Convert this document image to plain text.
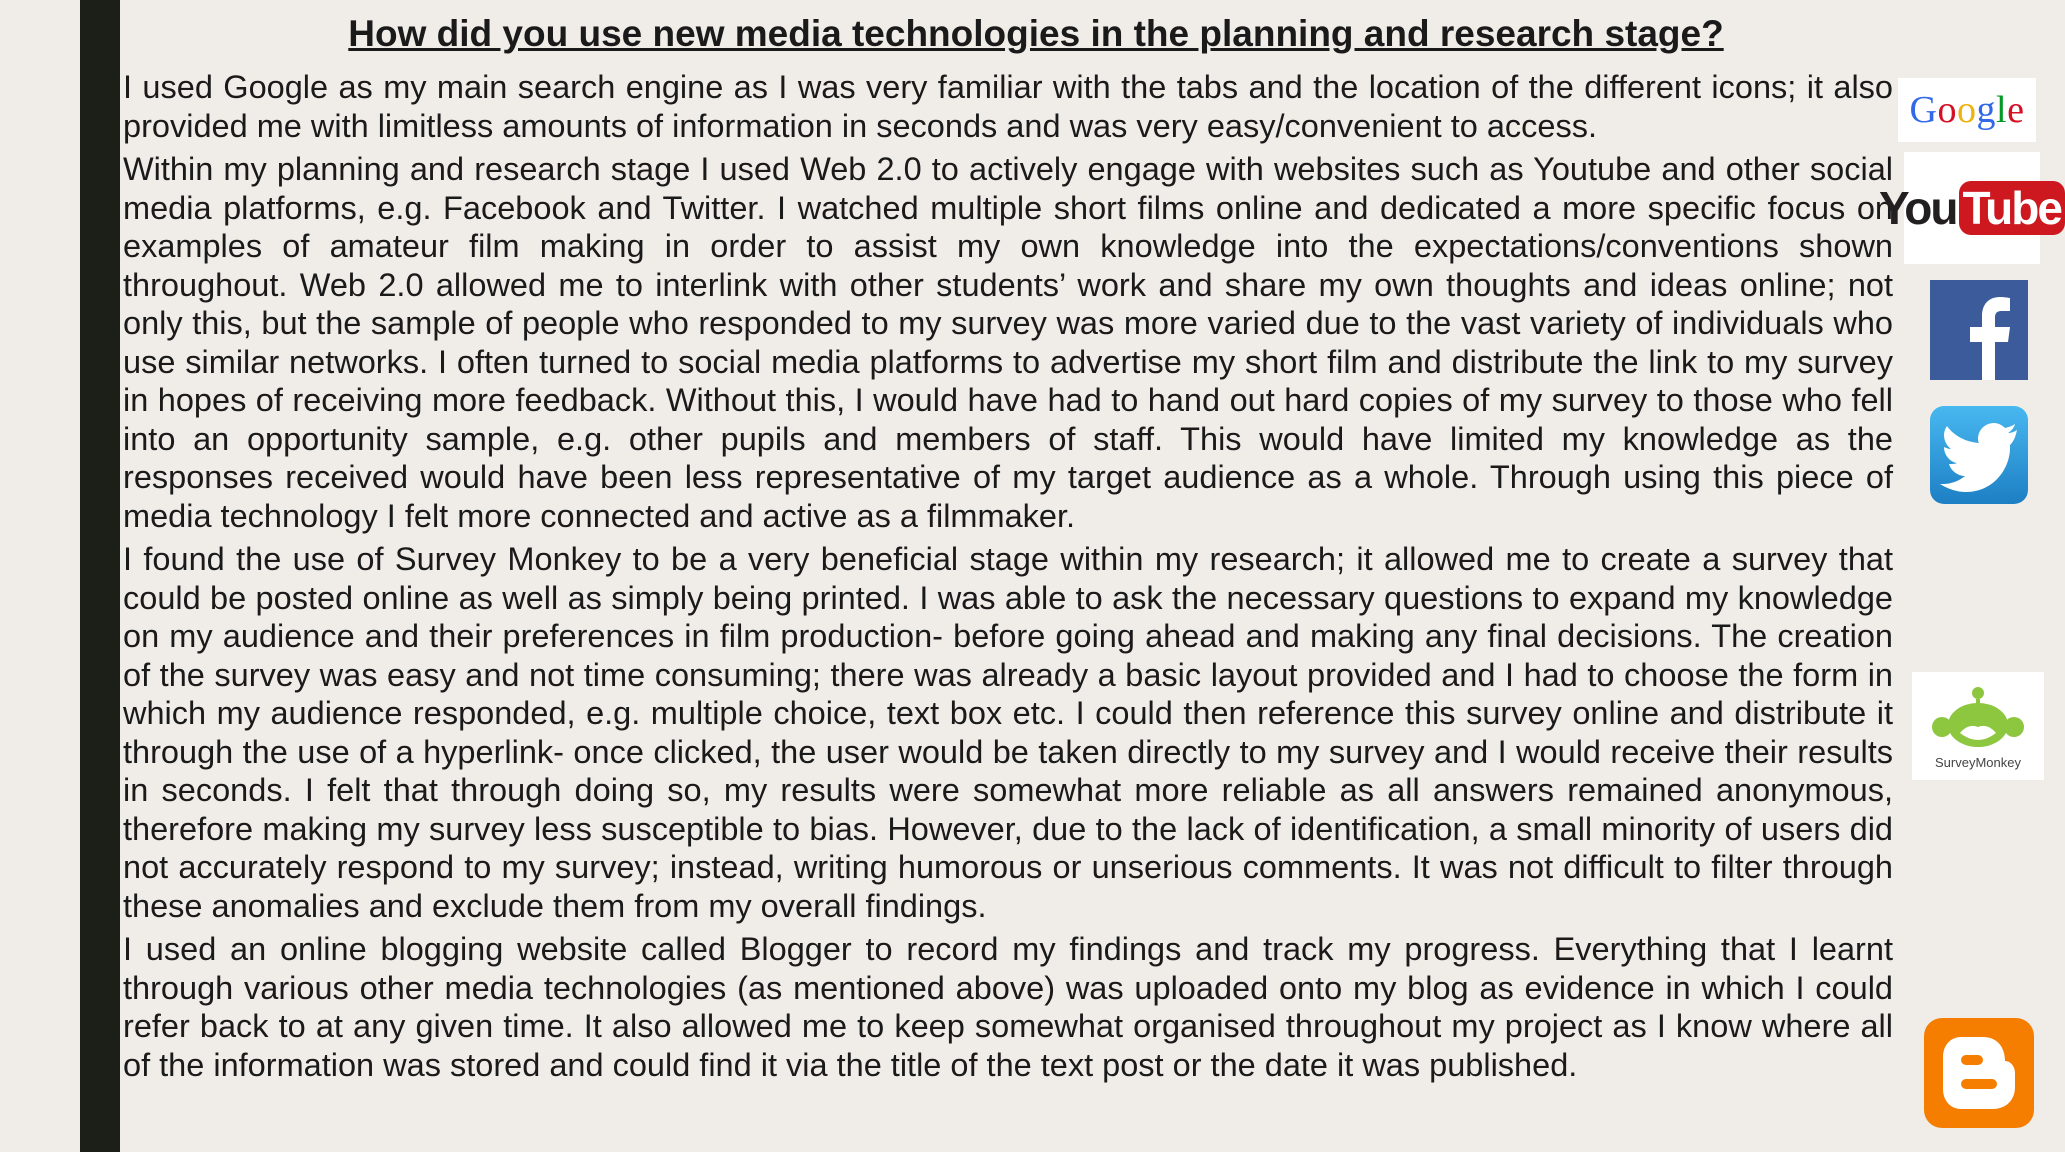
How did you use new media technologies in the planning and research stage?

I used Google as my main search engine as I was very familiar with the tabs and the location of the different icons; it also provided me with limitless amounts of information in seconds and was very easy/convenient to access.

Within my planning and research stage I used Web 2.0 to actively engage with websites such as Youtube and other social media platforms, e.g. Facebook and Twitter. I watched multiple short films online and dedicated a more specific focus on examples of amateur film making in order to assist my own knowledge into the expectations/conventions shown throughout. Web 2.0 allowed me to interlink with other students’ work and share my own thoughts and ideas online; not only this, but the sample of people who responded to my survey was more varied due to the vast variety of individuals who use similar networks. I often turned to social media platforms to advertise my short film and distribute the link to my survey in hopes of receiving more feedback. Without this, I would have had to hand out hard copies of my survey to those who fell into an opportunity sample, e.g. other pupils and members of staff. This would have limited my knowledge as the responses received would have been less representative of my target audience as a whole. Through using this piece of media technology I felt more connected and active as a filmmaker.

I found the use of Survey Monkey to be a very beneficial stage within my research; it allowed me to create a survey that could be posted online as well as simply being printed. I was able to ask the necessary questions to expand my knowledge on my audience and their preferences in film production- before going ahead and making any final decisions. The creation of the survey was easy and not time consuming; there was already a basic layout provided and I had to choose the form in which my audience responded, e.g. multiple choice, text box etc. I could then reference this survey online and distribute it through the use of a hyperlink- once clicked, the user would be taken directly to my survey and I would receive their results in seconds. I felt that through doing so, my results were somewhat more reliable as all answers remained anonymous, therefore making my survey less susceptible to bias. However, due to the lack of identification, a small minority of users did not accurately respond to my survey; instead, writing humorous or unserious comments. It was not difficult to filter through these anomalies and exclude them from my overall findings.

I used an online blogging website called Blogger to record my findings and track my progress. Everything that I learnt through various other media technologies (as mentioned above) was uploaded onto my blog as evidence in which I could refer back to at any given time. It also allowed me to keep somewhat organised throughout my project as I know where all of the information was stored and could find it via the title of the text post or the date it was published.

G o o g l e
You Tube
SurveyMonkey
